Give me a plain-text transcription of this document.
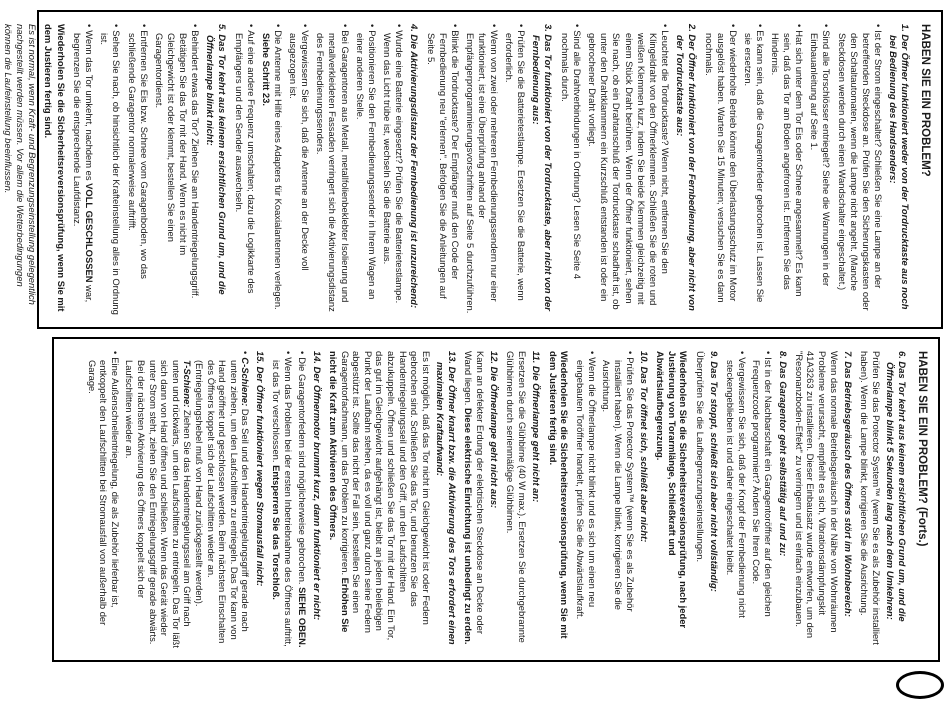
HABEN SIE EIN PROBLEM?
1. Der Öffner funktioniert weder von der Tordrucktaste aus noch bei Bedienung des Handsenders:
•Ist der Strom eingeschaltet? Schließen Sie eine Lampe an der betreffenden Steckdose an. Prüfen Sie den Sicherungskasten oder den Schaltautomaten, wenn die Lampe nicht angeht. (Manche Steckdosen werden durch einen Wandschalter eingeschaltet.)
•Sind alle Torschlösser entriegelt? Siehe die Warnungen in der Einbauanleitung auf Seite 1.
•Hat sich unter dem Tor Eis oder Schnee angesammelt? Es kann sein, daß das Tor am Boden angefroren ist. Entfernen Sie das Hindernis.
•Es kann sein, daß die Garagentorfeder gebrochen ist. Lassen Sie sie ersetzen.
•Der wiederholte Betrieb könnte den Überlastungsschutz im Motor ausgelöst haben. Warten Sie 15 Minuten; versuchen Sie es dann nochmals.
2. Der Öffner funktioniert von der Fernbedienung, aber nicht von der Tordrucktaste aus:
•Leuchtet die Tordrucktaste? Wenn nicht, entfernen Sie den Klingeldraht von den Öffnerklemmen. Schließen Sie die roten und weißen Klemmen kurz, indem Sie beide Klemmen gleichzeitig mit einem Stück Draht berühren. Wenn der Öffner funktioniert, sehen Sie nach, ob ein Drahtanschluß der Tordrucktaste schadhaft ist, ob unter den Drahtklammern ein Kurzschluß entstanden ist oder ein gebrochener Draht vorliegt.
•Sind alle Drahtverbindungen in Ordnung? Lesen Sie Seite 4 nochmals durch.
3. Das Tor funktioniert von der Tordrucktaste, aber nicht von der Fernbedienung aus:
•Prüfen Sie die Batterietestlampe. Ersetzen Sie die Batterie, wenn erforderlich.
•Wenn von zwei oder mehreren Fernbedienungssendern nur einer funktioniert, ist eine Überprüfung anhand der Empfängerprogrammierungsvorschriften auf Seite 5 durchzuführen.
•Blinkt die Tordrucktaste? Der Empfänger muß den Code der Fernbedienung neu "erlernen". Befolgen Sie die Anleitungen auf Seite 5.
4. Die Aktivierungsdistanz der Fernbedienung ist unzureichend:
•Wurde eine Batterie eingesetzt? Prüfen Sie die Batterietestlampe. Wenn das Licht trübe ist, wechseln Sie die Batterie aus.
•Positionieren Sie den Fernbedienungssender in Ihrem Wagen an einer anderen Stelle.
•Bei Garagentoren aus Metall, metallfolienbeklebter Isolierung und metallverkleideten Fassaden verringert sich die Aktivierungsdistanz des Fernbedienungssenders.
•Vergewissern Sie sich, daß die Antenne an der Decke voll ausgezogen ist.
•Die Antenne mit Hilfe eines Adapters für Koaxialantennen verlegen. Siehe Schritt 23.
•Auf eine andere Frequenz umschalten; dazu die Logikkarte des Empfängers und den Sender auswechseln.
5. Das Tor kehrt aus keinem ersichtlichen Grund um, und die Öffnerlampe blinkt nicht:
•Behindert etwas das Tor? Ziehen Sie am Handentriegelungsgriff. Betätigen Sie das Tor mit der Hand. Wenn es nicht im Gleichgewicht ist oder klemmt, bestellen Sie einen Garagentordienst.
•Entfernen Sie Eis bzw. Schnee vom Garagenboden, wo das schließende Garagentor normalerweise auftrifft.
•Sehen Sie nach, ob hinsichtlich der Krafteinstellung alles in Ordnung ist.
•Wenn das Tor umkehrt, nachdem es VOLL GESCHLOSSEN war, begrenzen Sie die entsprechende Laufdistanz.
Wiederholen Sie die Sicherheitsreversionsprüfung, wenn Sie mit dem Justieren fertig sind.
Es ist normal, wenn Kraft- und Begrenzungseinstellung gelegentlich nachgestellt werden müssen. Vor allem die Wetterbedingungen können die Laufeinstellung beeinflussen.
HABEN SIE EIN PROBLEM? (Forts.)
6. Das Tor kehrt aus keinem ersichtlichen Grund um, und die Öffnerlampe blinkt 5 Sekunden lang nach dem Umkehren:
Prüfen Sie das Protector System™ (wenn Sie es als Zubehör installiert haben). Wenn die Lampe blinkt, korrigieren Sie die Ausrichtung.
7. Das Betriebsgeräusch des Öffners stört im Wohnbereich:
Wenn das normale Betriebsgeräusch in der Nähe von Wohnräumen Probleme verursacht, empfiehlt es sich, Vibrationsdämpfungskit 41A3263 zu installieren. Dieser Einbausatz wurde entworfen, um den "Resonanzboden-Effekt" zu verringern und ist einfach einzubauen.
8. Das Garagentor geht selbsttätig auf und zu:
•Ist in der Nachbarschaft ein Garagentoröffner auf den gleichen Frequenzcode programmiert? Ändern Sie Ihren Code.
•Vergewissern Sie sich, daß der Knopf der Fernbedienung nicht steckengeblieben ist und daher eingeschaltet bleibt.
9. Das Tor stoppt, schließt sich aber nicht vollständig:
Überprüfen Sie die Laufbegrenzungseinstellungen.
Wiederholen Sie die Sicherheitsreversionsprüfung, nach jeder Justierung von Torarmlänge, Schließkraft und Abwärtslaufbegrenzung.
10. Das Tor öffnet sich, schließt aber nicht:
•Prüfen Sie das Protector System™ (wenn Sie es als Zubehör installiert haben). Wenn die Lampe blinkt, korrigieren Sie die Ausrichtung.
•Wenn die Öffnerlampe nicht blinkt und es sich um einen neu eingebauten Toröffner handelt, prüfen Sie die Abwärtslaufkraft.
Wiederholen Sie die Sicherheitsreversionsprüfung, wenn Sie mit dem Justieren fertig sind.
11. Die Öffnerlampe geht nicht an:
Ersetzen Sie die Glühbirne (40 W max.). Ersetzen Sie durchgebrannte Glühbirnen durch serienmäßige Glühbirnen.
12. Die Öffnerlampe geht nicht aus:
Kann an defekter Erdung der elektrischen Steckdose an Decke oder Wand liegen. Diese elektrische Einrichtung ist unbedingt zu erden.
13. Der Öffner knarrt bzw. die Aktivierung des Tors erfordert einen maximalen Kraftaufwand:
Es ist möglich, daß das Tor nicht im Gleichgewicht ist oder Federn gebrochen sind. Schließen Sie das Tor, und benutzen Sie das Handentriegelungsseil und den Griff, um den Laufschlitten abzukuppeln. Öffnen und schließen Sie das Tor mit der Hand. Ein Tor, das gut im Gleichgewicht aufgehängt ist, bleibt an jedem beliebigen Punkt der Laufbahn stehen, da es voll und ganz durch seine Federn abgestützt ist. Sollte das nicht der Fall sein, bestellen Sie einen Garagentorfachmann, um das Problem zu korrigieren. Erhöhen Sie nicht die Kraft zum Aktivieren des Öffners.
14. Der Öffnermotor brummt kurz, dann funktioniert er nicht:
•Die Garagentorfedern sind möglicherweise gebrochen. SIEHE OBEN.
•Wenn das Problem bei der ersten Inbetriebnahme des Öffners auftritt, ist das Tor verschlossen. Entsperren Sie das Torschloß.
15. Der Öffner funktioniert wegen Stromausfall nicht:
•C-Schiene: Das Seil und den Handentriegelungsgriff gerade nach unten ziehen, um den Laufschlitten zu entriegeln. Das Tor kann von Hand geöffnet und geschlossen werden. Beim nächsten Einschalten des Öffners koppelt sich der Laufschlitten wieder an. (Entriegelungshebel muß von Hand zurückgestellt werden).
T-Schiene: Ziehen Sie das Handentriegelungsseil am Griff nach unten und rückwärts, um den Laufschlitten zu entriegeln. Das Tor läßt sich dann von Hand öffnen und schließen. Wenn das Gerät wieder unter Strom steht, ziehen Sie den Entriegelungsgriff gerade abwärts. Bei der nächsten Aktivierung des Öffners koppelt sich der Laufschlitten wieder an.
•Eine Außenschnellentriegelung, die als Zubehör lieferbar ist, entkoppelt den Laufschlitten bei Stromausfall von außerhalb der Garage.
